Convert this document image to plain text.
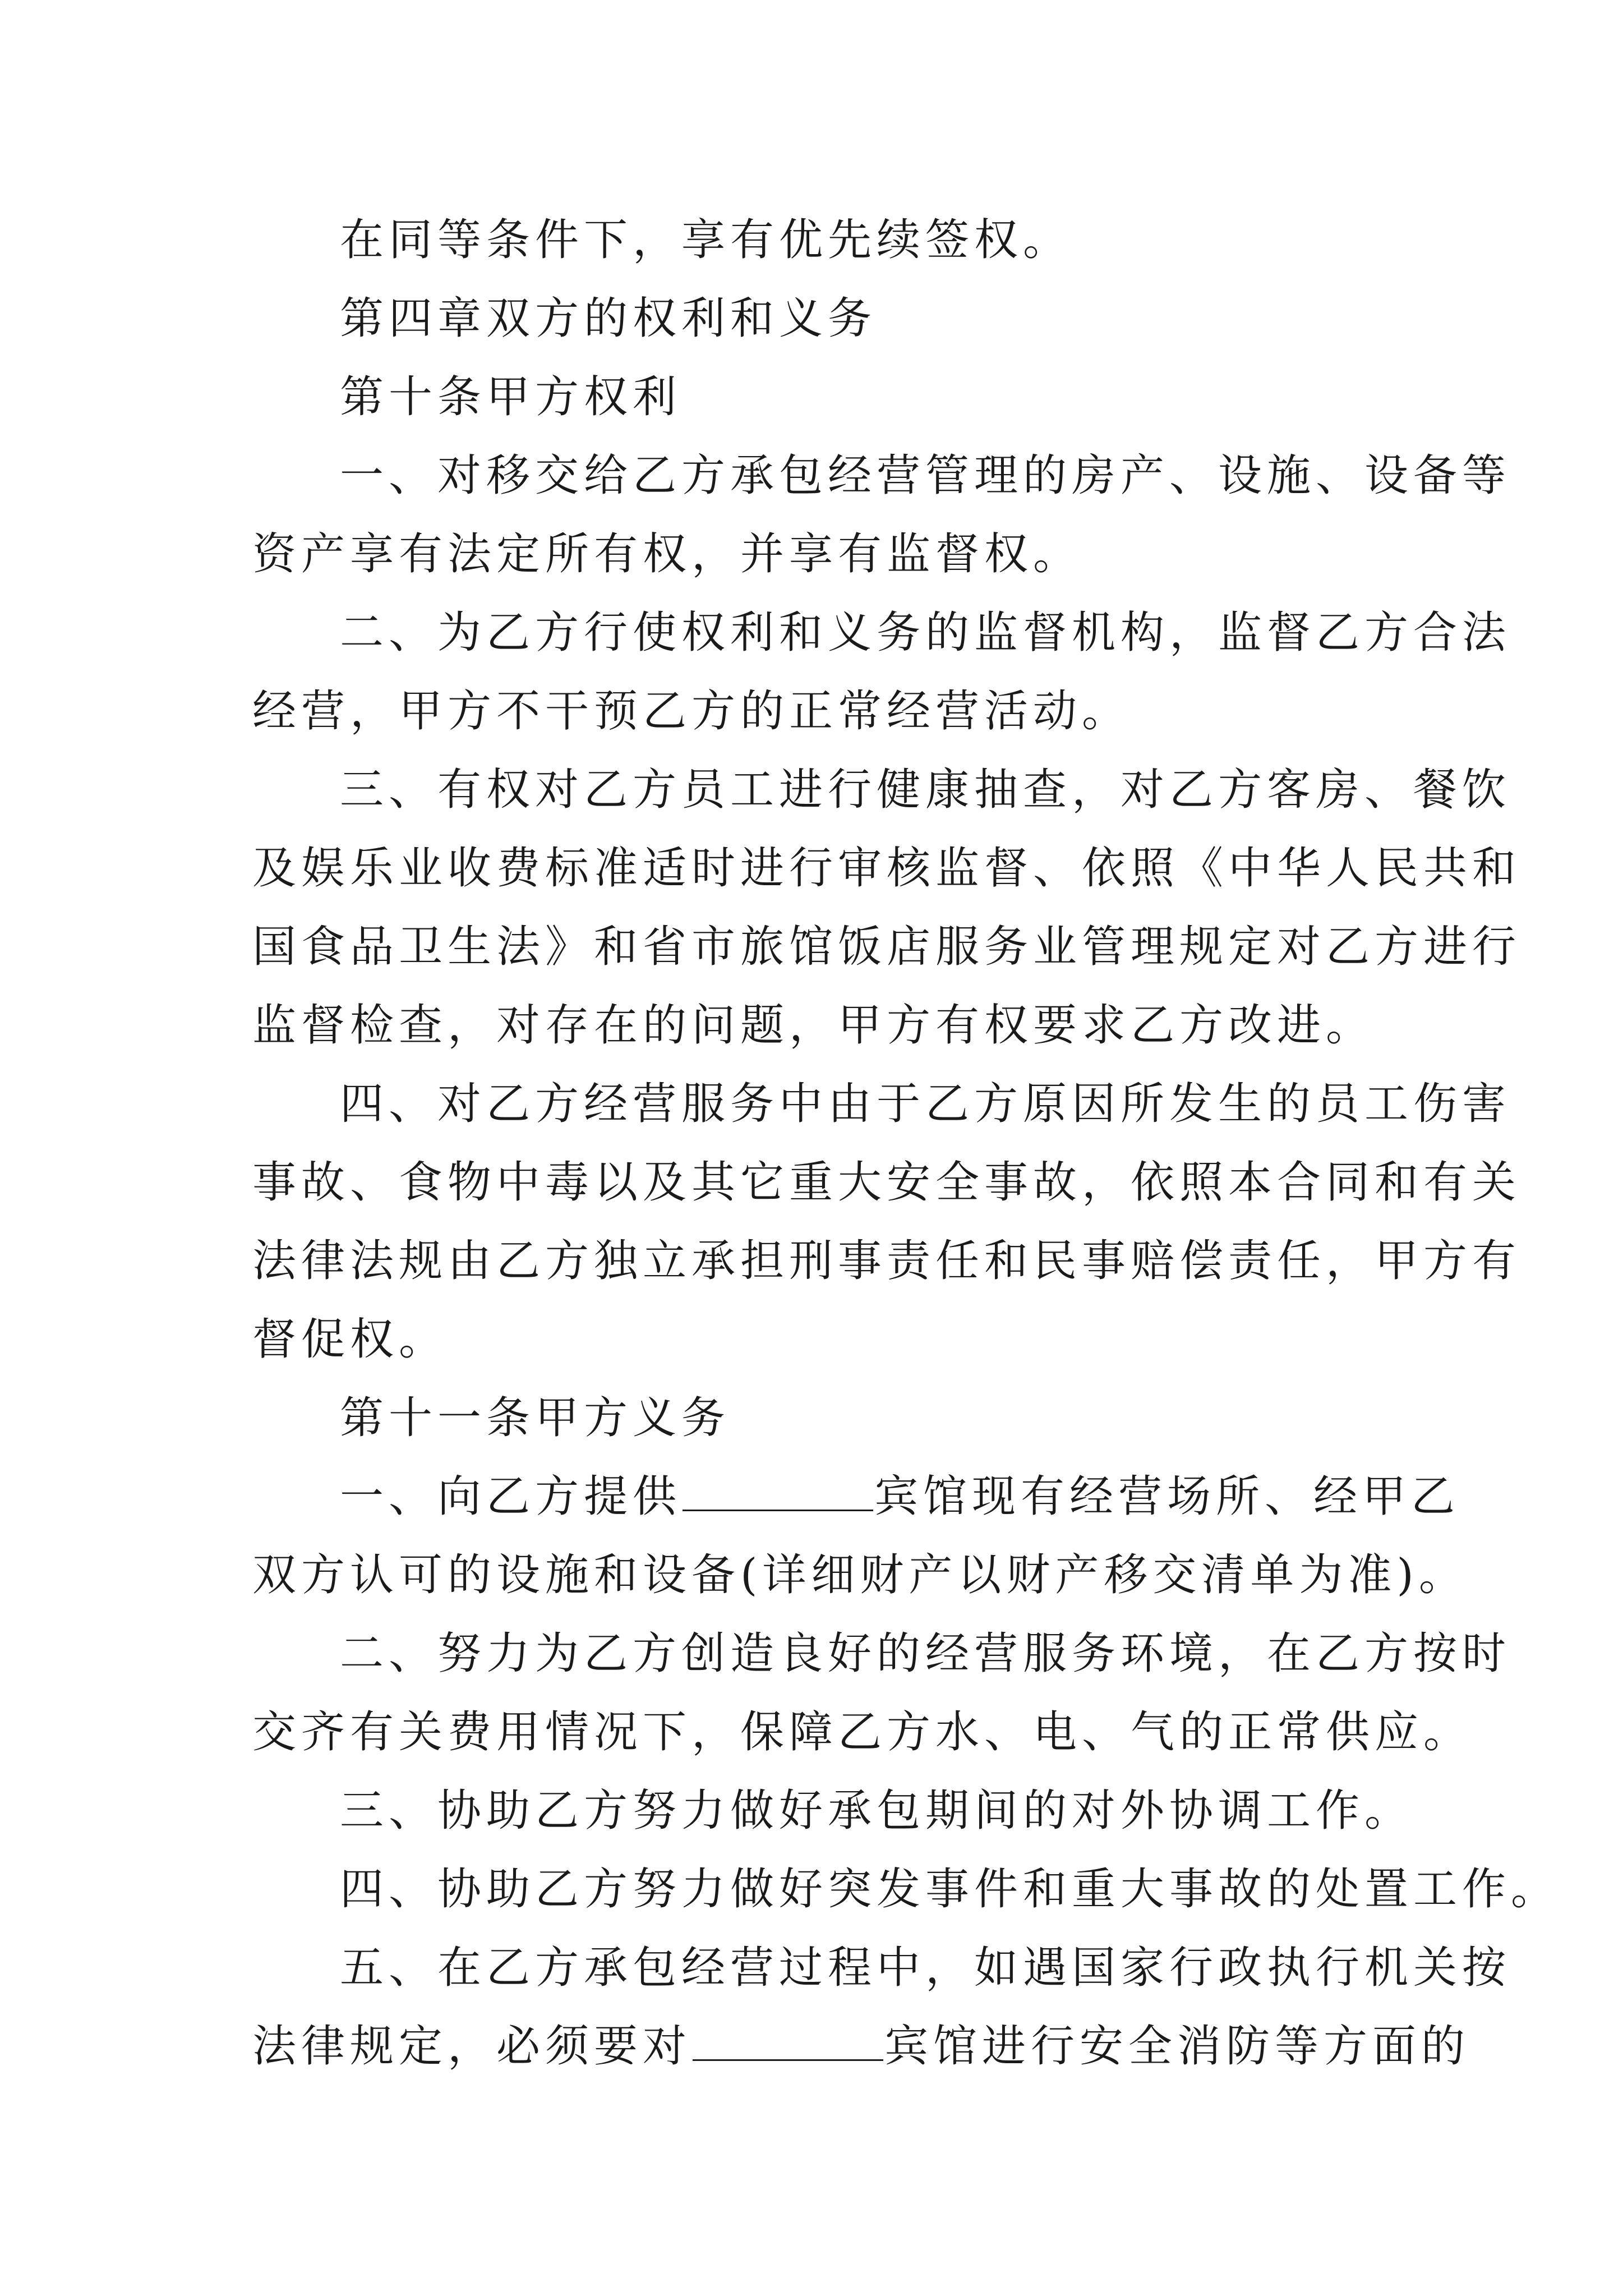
在同等条件下，享有优先续签权。
第四章双方的权利和义务
第十条甲方权利
一、对移交给乙方承包经营管理的房产、设施、设备等
资产享有法定所有权，并享有监督权。
二、为乙方行使权利和义务的监督机构，监督乙方合法
经营，甲方不干预乙方的正常经营活动。
三、有权对乙方员工进行健康抽查，对乙方客房、餐饮
及娱乐业收费标准适时进行审核监督、依照《中华人民共和
国食品卫生法》和省市旅馆饭店服务业管理规定对乙方进行
监督检查，对存在的问题，甲方有权要求乙方改进。
四、对乙方经营服务中由于乙方原因所发生的员工伤害
事故、食物中毒以及其它重大安全事故，依照本合同和有关
法律法规由乙方独立承担刑事责任和民事赔偿责任，甲方有
督促权。
第十一条甲方义务
一、向乙方提供	宾馆现有经营场所、经甲乙
双方认可的设施和设备(详细财产以财产移交清单为准)。
二、努力为乙方创造良好的经营服务环境，在乙方按时
交齐有关费用情况下，保障乙方水、电、气的正常供应。
三、协助乙方努力做好承包期间的对外协调工作。
四、协助乙方努力做好突发事件和重大事故的处置工作。
五、在乙方承包经营过程中，如遇国家行政执行机关按
法律规定，必须要对	宾馆进行安全消防等方面的
